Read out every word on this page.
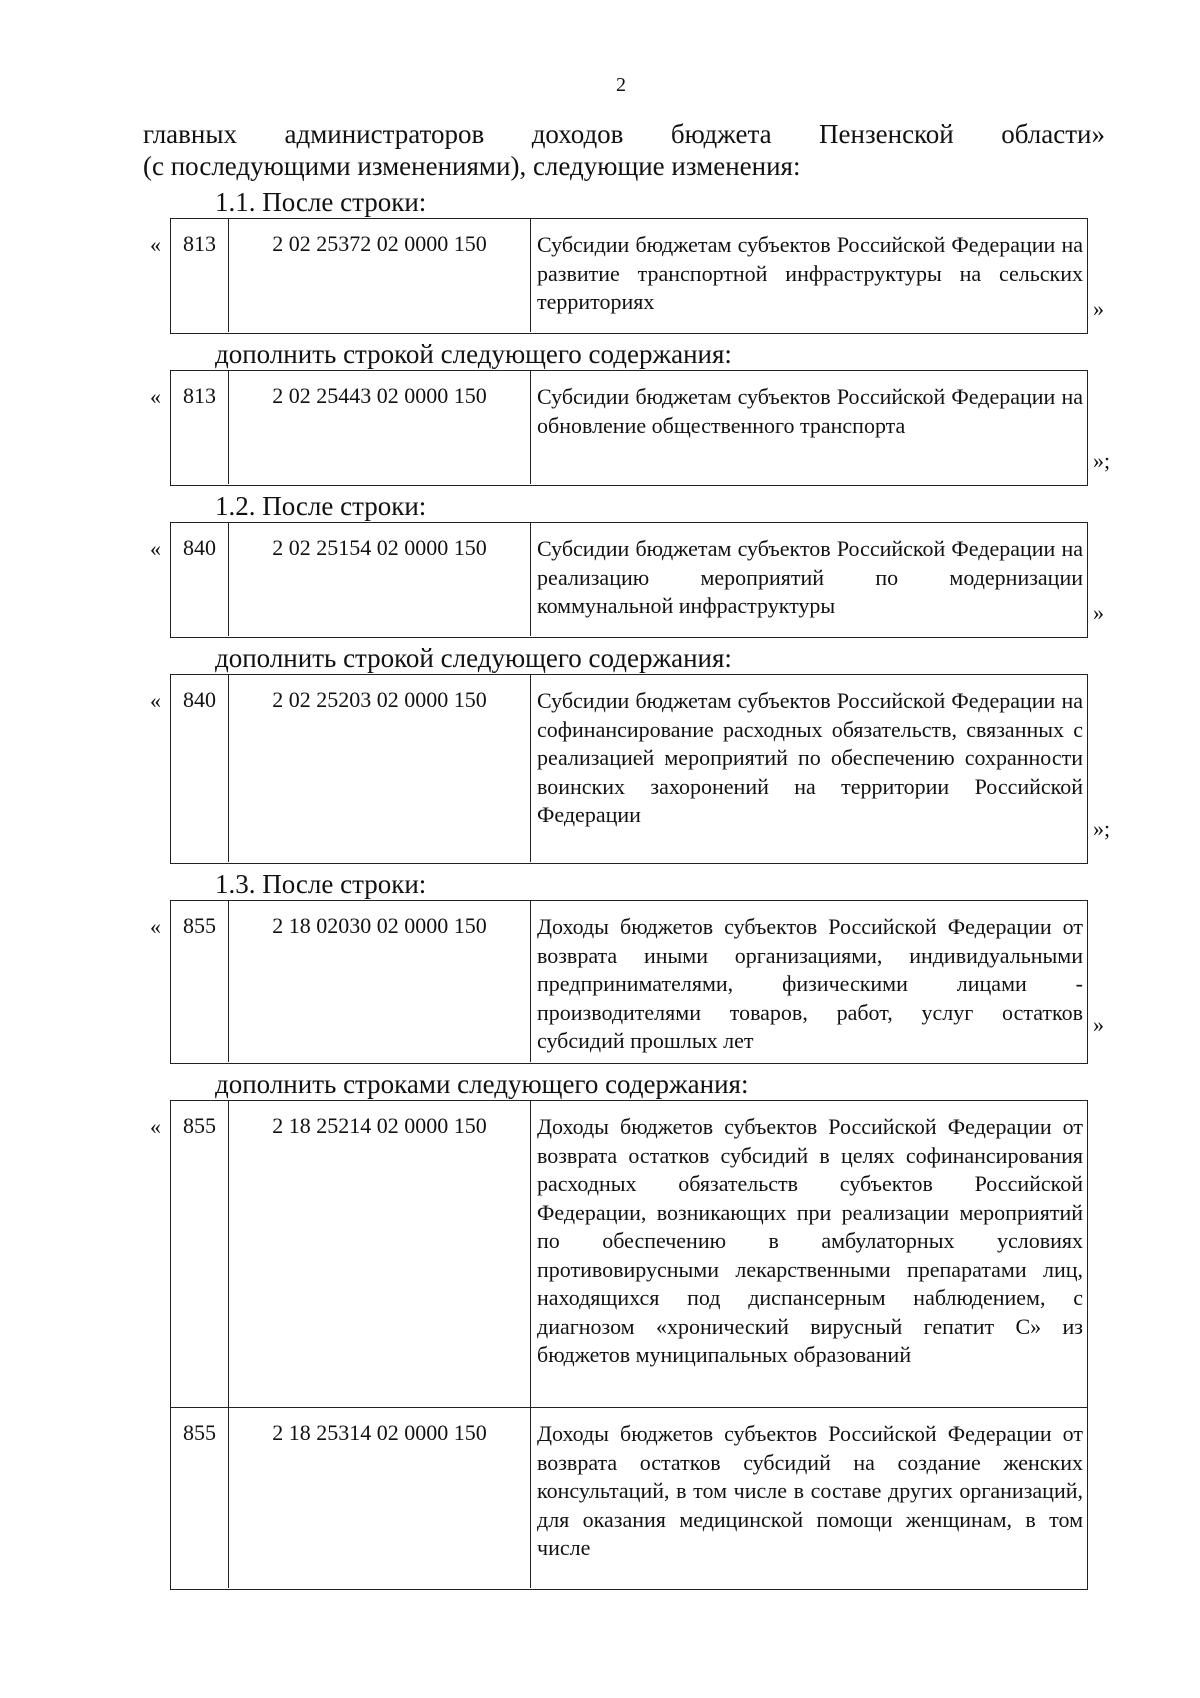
2
главных администраторов доходов бюджета Пензенской области»
(с последующими изменениями), следующие изменения:
1.1. После строки:
«	813	2 02 25372 02 0000 150	Субсидии бюджетам субъектов Российской Федерации на развитие транспортной инфраструктуры на сельских территориях	»
дополнить строкой следующего содержания:
«	813	2 02 25443 02 0000 150	Субсидии бюджетам субъектов Российской Федерации на обновление общественного транспорта
»;
1.2. После строки:
«	840	2 02 25154 02 0000 150	Субсидии бюджетам субъектов Российской Федерации на реализацию мероприятий по модернизации коммунальной инфраструктуры	»
дополнить строкой следующего содержания:
«	840	2 02 25203 02 0000 150	Субсидии бюджетам субъектов Российской Федерации на софинансирование расходных обязательств, связанных с реализацией мероприятий по обеспечению сохранности воинских захоронений на территории Российской Федерации
»;
1.3. После строки:
«	855	2 18 02030 02 0000 150	Доходы бюджетов субъектов Российской Федерации от возврата иными организациями, индивидуальными предпринимателями, физическими лицами - производителями товаров, работ, услуг остатков субсидий прошлых лет
»
дополнить строками следующего содержания:
«	855	2 18 25214 02 0000 150	Доходы бюджетов субъектов Российской Федерации от возврата остатков субсидий в целях софинансирования расходных обязательств субъектов Российской Федерации, возникающих при реализации мероприятий по обеспечению в амбулаторных условиях противовирусными лекарственными препаратами лиц, находящихся под диспансерным наблюдением, с диагнозом «хронический вирусный гепатит С» из бюджетов муниципальных образований
855	2 18 25314 02 0000 150	Доходы бюджетов субъектов Российской Федерации от возврата остатков субсидий на создание женских консультаций, в том числе в составе других организаций, для оказания медицинской помощи женщинам, в том числе
